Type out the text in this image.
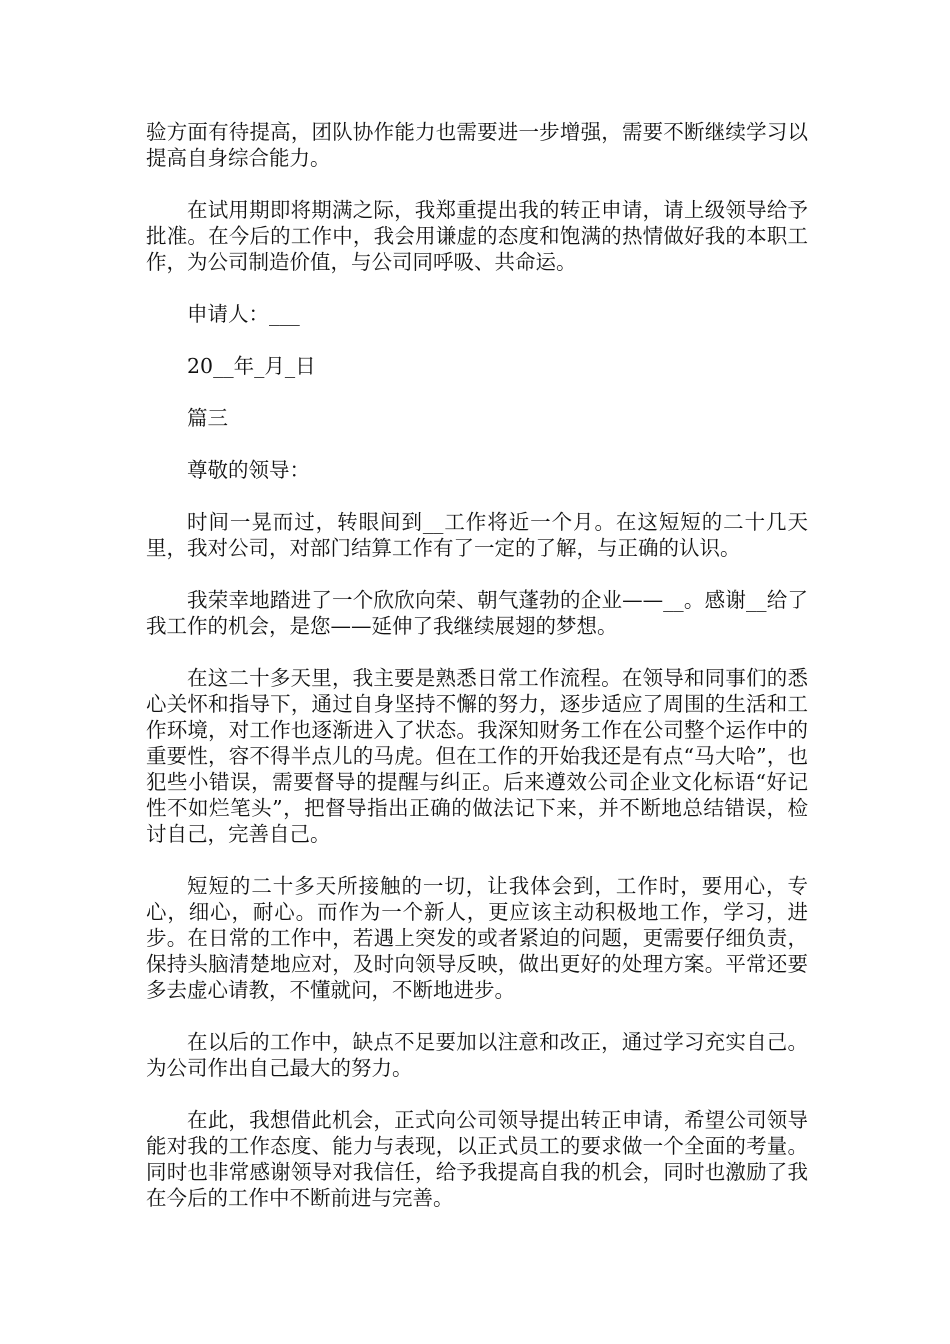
验方面有待提高，团队协作能力也需要进一步增强，需要不断继续学习以提高自身综合能力。

在试用期即将期满之际，我郑重提出我的转正申请，请上级领导给予批准。在今后的工作中，我会用谦虚的态度和饱满的热情做好我的本职工作，为公司制造价值，与公司同呼吸、共命运。

申请人：___

20__年_月_日

篇三

尊敬的领导：

时间一晃而过，转眼间到__工作将近一个月。在这短短的二十几天里，我对公司，对部门结算工作有了一定的了解，与正确的认识。

我荣幸地踏进了一个欣欣向荣、朝气蓬勃的企业——__。感谢__给了我工作的机会，是您——延伸了我继续展翅的梦想。

在这二十多天里，我主要是熟悉日常工作流程。在领导和同事们的悉心关怀和指导下，通过自身坚持不懈的努力，逐步适应了周围的生活和工作环境，对工作也逐渐进入了状态。我深知财务工作在公司整个运作中的重要性，容不得半点儿的马虎。但在工作的开始我还是有点“马大哈”，也犯些小错误，需要督导的提醒与纠正。后来遵效公司企业文化标语“好记性不如烂笔头”，把督导指出正确的做法记下来，并不断地总结错误，检讨自己，完善自己。

短短的二十多天所接触的一切，让我体会到，工作时，要用心，专心，细心，耐心。而作为一个新人，更应该主动积极地工作，学习，进步。在日常的工作中，若遇上突发的或者紧迫的问题，更需要仔细负责，保持头脑清楚地应对，及时向领导反映，做出更好的处理方案。平常还要多去虚心请教，不懂就问，不断地进步。

在以后的工作中，缺点不足要加以注意和改正，通过学习充实自己。为公司作出自己最大的努力。

在此，我想借此机会，正式向公司领导提出转正申请，希望公司领导能对我的工作态度、能力与表现，以正式员工的要求做一个全面的考量。同时也非常感谢领导对我信任，给予我提高自我的机会，同时也激励了我在今后的工作中不断前进与完善。
